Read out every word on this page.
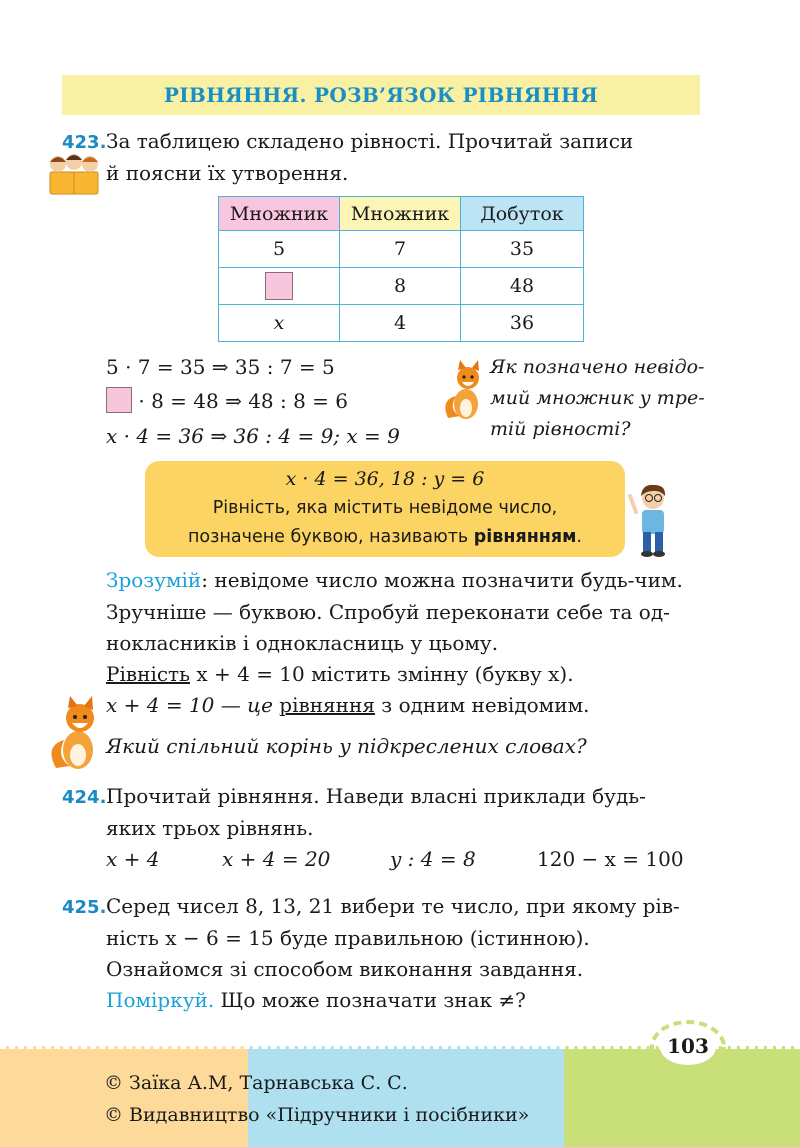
РІВНЯННЯ. РОЗВ’ЯЗОК РІВНЯННЯ
423. За таблицею складено рівності. Прочитай записи
й поясни їх утворення.
Множник	Множник	Добуток
5	7	35
	8	48
x	4	36
5 · 7 = 35 ⇒ 35 : 7 = 5
· 8 = 48 ⇒ 48 : 8 = 6
x · 4 = 36 ⇒ 36 : 4 = 9; x = 9
Як позначено невідо-
мий множник у тре-
тій рівності?
x · 4 = 36, 18 : y = 6
Рівність, яка містить невідоме число,
позначене буквою, називають рівнянням.
Зрозумій: невідоме число можна позначити будь-чим.
Зручніше — буквою. Спробуй переконати себе та од-
нокласників і однокласниць у цьому.
Рівність x + 4 = 10 містить змінну (букву x).
x + 4 = 10 — це рівняння з одним невідомим.
Який спільний корінь у підкреслених словах?
424. Прочитай рівняння. Наведи власні приклади будь-
яких трьох рівнянь.
x + 4	x + 4 = 20	y : 4 = 8	120 − x = 100
425. Серед чисел 8, 13, 21 вибери те число, при якому рів-
ність x − 6 = 15 буде правильною (істинною).
Ознайомся зі способом виконання завдання.
Поміркуй. Що може позначати знак ≠?
103
© Заїка А.М, Тарнавська С. С.
© Видавництво «Підручники і посібники»
